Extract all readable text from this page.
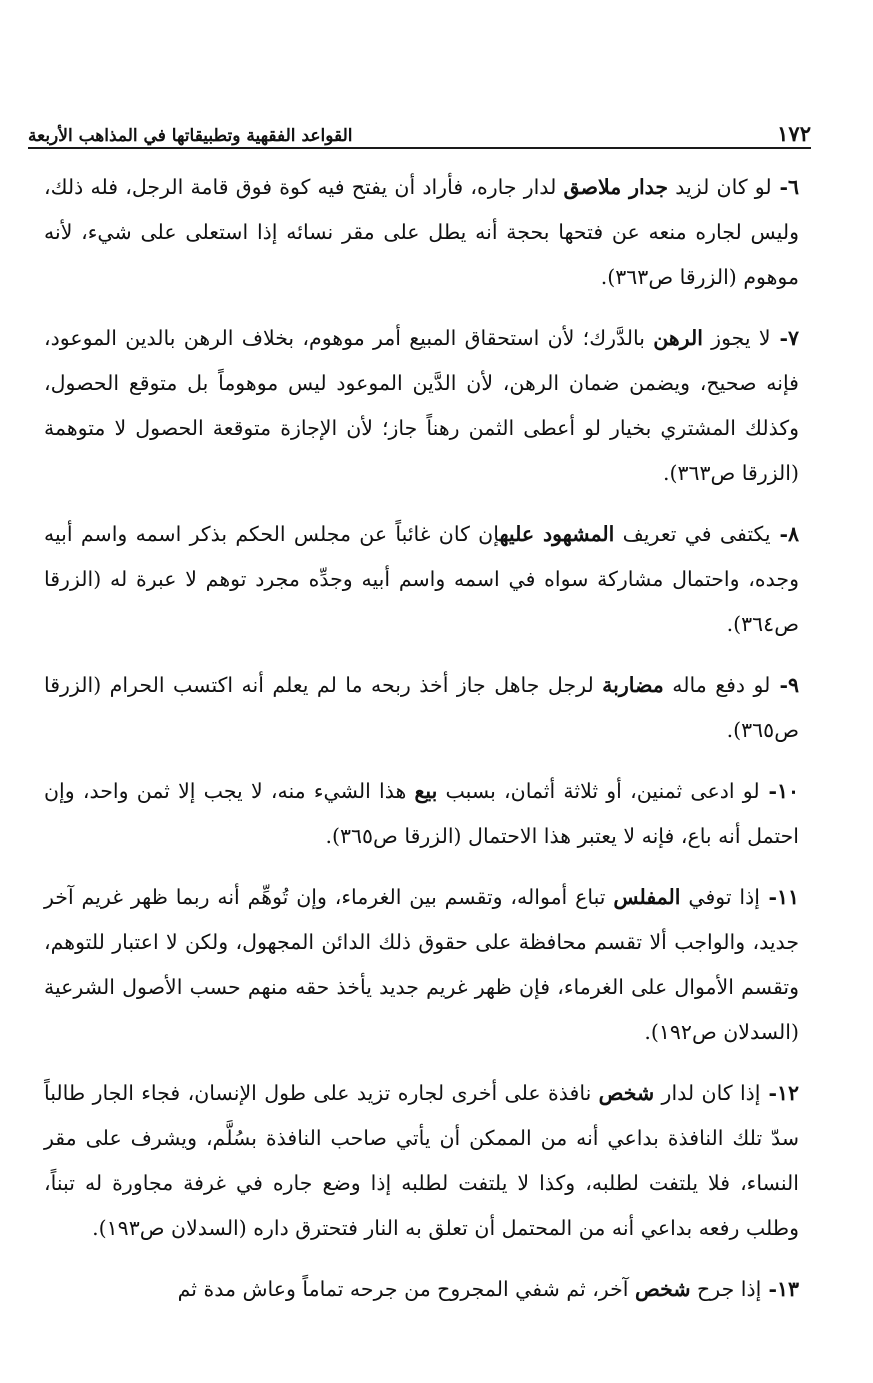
١٧٢
القواعد الفقهية وتطبيقاتها في المذاهب الأربعة

٦- لو كان لزيد جدار ملاصق لدار جاره، فأراد أن يفتح فيه كوة فوق قامة الرجل، فله ذلك، وليس لجاره منعه عن فتحها بحجة أنه يطل على مقر نسائه إذا استعلى على شيء، لأنه موهوم (الزرقا ص٣٦٣).

٧- لا يجوز الرهن بالدَّرك؛ لأن استحقاق المبيع أمر موهوم، بخلاف الرهن بالدين الموعود، فإنه صحيح، ويضمن ضمان الرهن، لأن الدَّين الموعود ليس موهوماً بل متوقع الحصول، وكذلك المشتري بخيار لو أعطى الثمن رهناً جاز؛ لأن الإجازة متوقعة الحصول لا متوهمة (الزرقا ص٣٦٣).

٨- يكتفى في تعريف المشهود عليهإن كان غائباً عن مجلس الحكم بذكر اسمه واسم أبيه وجده، واحتمال مشاركة سواه في اسمه واسم أبيه وجدِّه مجرد توهم لا عبرة له (الزرقا ص٣٦٤).

٩- لو دفع ماله مضاربة لرجل جاهل جاز أخذ ربحه ما لم يعلم أنه اكتسب الحرام (الزرقا ص٣٦٥).

١٠- لو ادعى ثمنين، أو ثلاثة أثمان، بسبب بيع هذا الشيء منه، لا يجب إلا ثمن واحد، وإن احتمل أنه باع، فإنه لا يعتبر هذا الاحتمال (الزرقا ص٣٦٥).

١١- إذا توفي المفلس تباع أمواله، وتقسم بين الغرماء، وإن تُوهِّم أنه ربما ظهر غريم آخر جديد، والواجب ألا تقسم محافظة على حقوق ذلك الدائن المجهول، ولكن لا اعتبار للتوهم، وتقسم الأموال على الغرماء، فإن ظهر غريم جديد يأخذ حقه منهم حسب الأصول الشرعية (السدلان ص١٩٢).

١٢- إذا كان لدار شخص نافذة على أخرى لجاره تزيد على طول الإنسان، فجاء الجار طالباً سدّ تلك النافذة بداعي أنه من الممكن أن يأتي صاحب النافذة بسُلَّم، ويشرف على مقر النساء، فلا يلتفت لطلبه، وكذا لا يلتفت لطلبه إذا وضع جاره في غرفة مجاورة له تبناً، وطلب رفعه بداعي أنه من المحتمل أن تعلق به النار فتحترق داره (السدلان ص١٩٣).

١٣- إذا جرح شخص آخر، ثم شفي المجروح من جرحه تماماً وعاش مدة ثم
